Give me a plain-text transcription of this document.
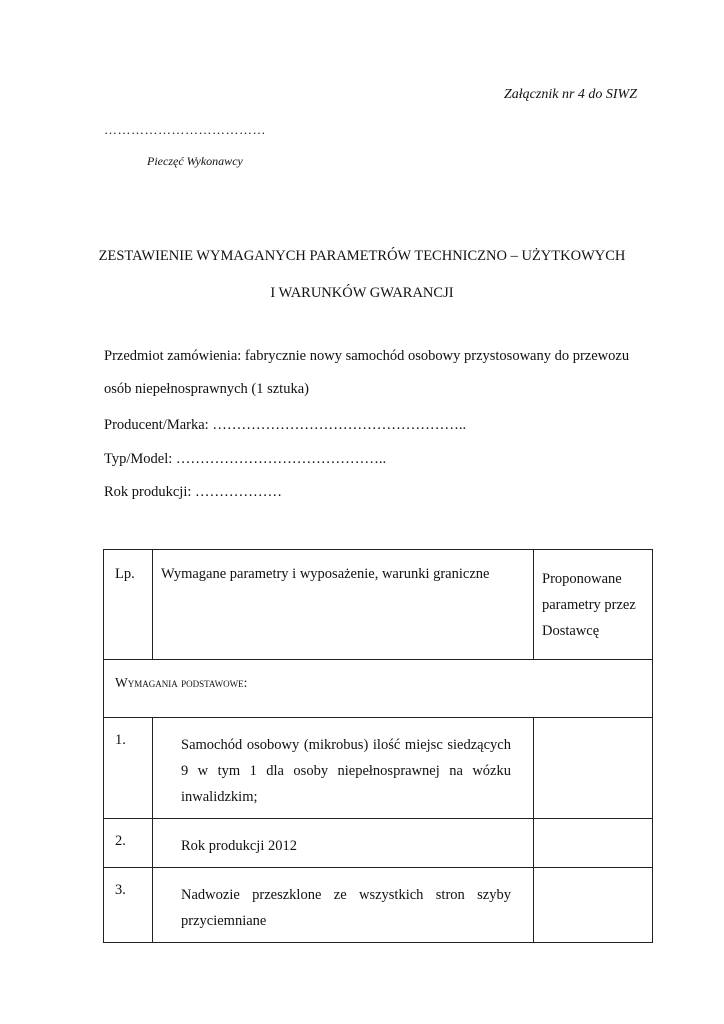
Załącznik nr 4 do SIWZ
………………………………
Pieczęć Wykonawcy
ZESTAWIENIE WYMAGANYCH PARAMETRÓW TECHNICZNO – UŻYTKOWYCH
I WARUNKÓW GWARANCJI
Przedmiot zamówienia: fabrycznie nowy samochód osobowy przystosowany do przewozu
osób niepełnosprawnych (1 sztuka)
Producent/Marka: ……………………………………………..
Typ/Model: ……………………………………..
Rok produkcji: ………………
Lp.	Wymagane parametry i wyposażenie, warunki graniczne	Proponowane parametry przez Dostawcę
Wymagania podstawowe:		
1.	Samochód osobowy (mikrobus) ilość miejsc siedzących 9 w tym 1 dla osoby niepełnosprawnej na wózku inwalidzkim;	
2.	Rok produkcji 2012	
3.	Nadwozie przeszklone ze wszystkich stron szyby przyciemniane	
